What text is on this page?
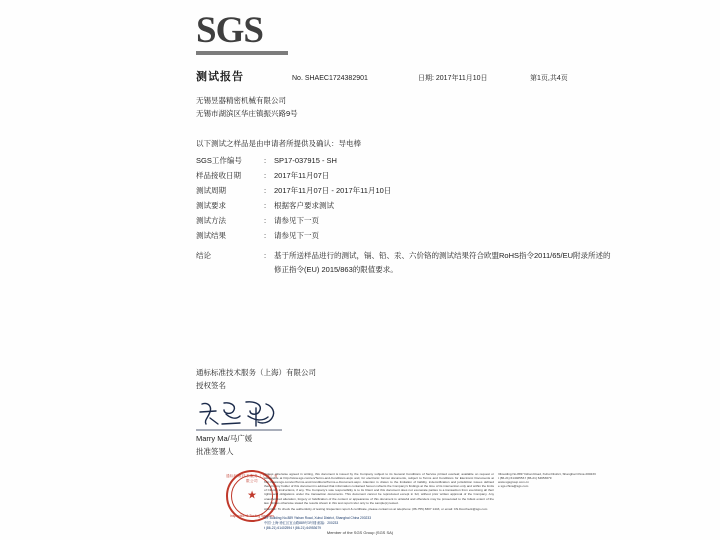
SGS
测试报告	No. SHAEC1724382901	日期: 2017年11月10日	第1页,共4页
无锡昱器精密机械有限公司
无锡市湖滨区华庄镇振兴路9号
以下测试之样品是由申请者所提供及确认：导电棒
SGS工作编号	:	SP17-037915 - SH
样品接收日期	:	2017年11月07日
测试周期	:	2017年11月07日 - 2017年11月10日
测试要求	:	根据客户要求测试
测试方法	:	请参见下一页
测试结果	:	请参见下一页
结论	:	基于所送样品进行的测试，镉、铅、汞、六价铬的测试结果符合欧盟RoHS指令2011/65/EU附录所述的修正指令(EU) 2015/863的限值要求。
通标标准技术服务（上海）有限公司
授权签名
Marry Ma/马广媛
批准签署人
通标标准技术服务（上海）有限公司
★
Inspection & Testing Services

Unless otherwise agreed in writing, this document is issued by the Company subject to its General Conditions of Service printed overleaf, available on request or accessible at http://www.sgs.com/en/Terms-and-Conditions.aspx and, for electronic format documents, subject to Terms and Conditions for Electronic Documents at http://www.sgs.com/en/Terms-and-Conditions/Terms-e-Document.aspx. Attention is drawn to the limitation of liability, indemnification and jurisdiction issues defined therein. Any holder of this document is advised that information contained hereon reflects the Company's findings at the time of its intervention only and within the limits of Client's instructions, if any. The Company's sole responsibility is to its Client and this document does not exonerate parties to a transaction from exercising all their rights and obligations under the transaction documents. This document cannot be reproduced except in full, without prior written approval of the Company. Any unauthorized alteration, forgery or falsification of the content or appearance of this document is unlawful and offenders may be prosecuted to the fullest extent of the law. Unless otherwise stated the results shown in this test report refer only to the sample(s) tested.

Attention: To check the authenticity of testing /inspection report & certificate, please contact us at telephone: (86-755) 8307 1443, or email: CN.Doccheck@sgs.com

3Fouiding No.889 Yishan Road, Xuhui District, Shanghai China 200233
t (86-21) 61402553 f (86-21) 64953679
www.sgsgroup.com.cn
e sgs.china@sgs.com
3/F Building No.889 Yishan Road, Xuhui District, Shanghai China 200233
中国·上海·徐汇区宜山路889号3号楼 邮编：200233
t (86-21) 61402594 f (86-21) 64953679
Member of the SGS Group (SGS SA)
